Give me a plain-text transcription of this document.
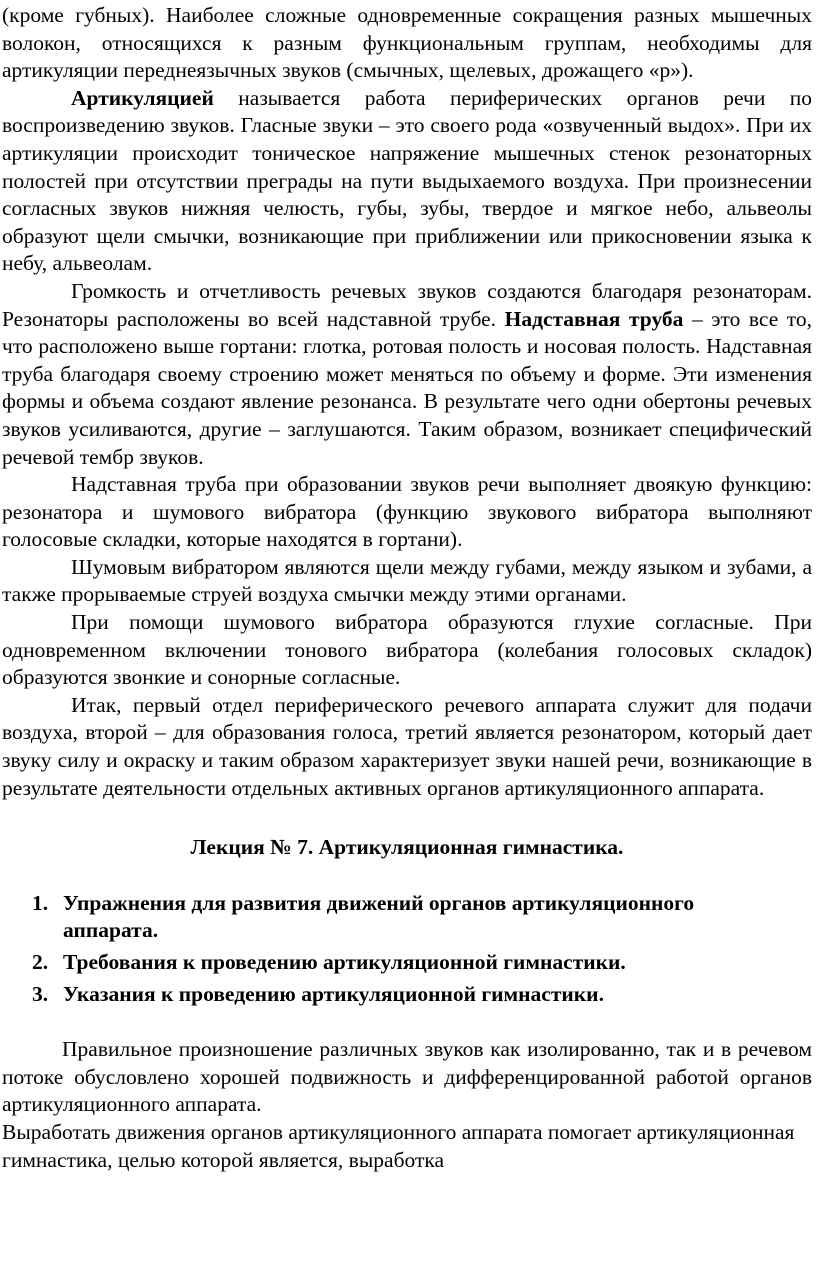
(кроме губных). Наиболее сложные одновременные сокращения разных мышечных волокон, относящихся к разным функциональным группам, необходимы для артикуляции переднеязычных звуков (смычных, щелевых, дрожащего «р»).

Артикуляцией называется работа периферических органов речи по воспроизведению звуков. Гласные звуки – это своего рода «озвученный выдох». При их артикуляции происходит тоническое напряжение мышечных стенок резонаторных полостей при отсутствии преграды на пути выдыхаемого воздуха. При произнесении согласных звуков нижняя челюсть, губы, зубы, твердое и мягкое небо, альвеолы образуют щели смычки, возникающие при приближении или прикосновении языка к небу, альвеолам.

Громкость и отчетливость речевых звуков создаются благодаря резонаторам. Резонаторы расположены во всей надставной трубе. Надставная труба – это все то, что расположено выше гортани: глотка, ротовая полость и носовая полость. Надставная труба благодаря своему строению может меняться по объему и форме. Эти изменения формы и объема создают явление резонанса. В результате чего одни обертоны речевых звуков усиливаются, другие – заглушаются. Таким образом, возникает специфический речевой тембр звуков.

Надставная труба при образовании звуков речи выполняет двоякую функцию: резонатора и шумового вибратора (функцию звукового вибратора выполняют голосовые складки, которые находятся в гортани).

Шумовым вибратором являются щели между губами, между языком и зубами, а также прорываемые струей воздуха смычки между этими органами.

При помощи шумового вибратора образуются глухие согласные. При одновременном включении тонового вибратора (колебания голосовых складок) образуются звонкие и сонорные согласные.

Итак, первый отдел периферического речевого аппарата служит для подачи воздуха, второй – для образования голоса, третий является резонатором, который дает звуку силу и окраску и таким образом характеризует звуки нашей речи, возникающие в результате деятельности отдельных активных органов артикуляционного аппарата.

Лекция № 7. Артикуляционная гимнастика.
1. Упражнения для развития движений органов артикуляционного аппарата.
2. Требования к проведению артикуляционной гимнастики.
3. Указания к проведению артикуляционной гимнастики.

Правильное произношение различных звуков как изолированно, так и в речевом потоке обусловлено хорошей подвижность и дифференцированной работой органов артикуляционного аппарата.

Выработать движения органов артикуляционного аппарата помогает артикуляционная гимнастика, целью которой является, выработка
